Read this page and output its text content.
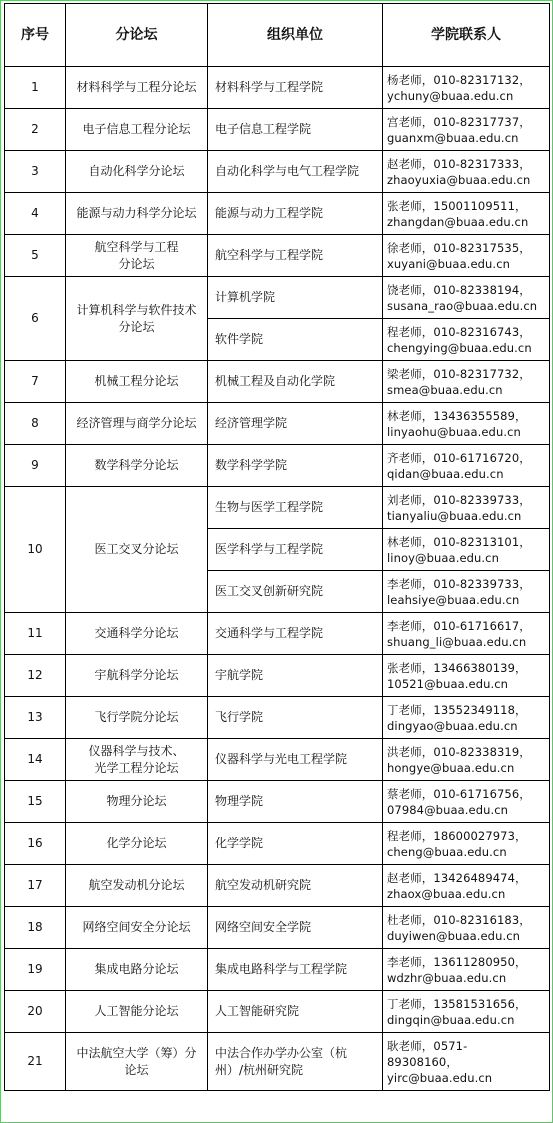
序号	分论坛	组织单位	学院联系人
1	材料科学与工程分论坛	材料科学与工程学院	杨老师，010-82317132，
ychuny@buaa.edu.cn

2	电子信息工程分论坛	电子信息工程学院	宫老师，010-82317737，
guanxm@buaa.edu.cn

3	自动化科学分论坛	自动化科学与电气工程学院	赵老师，010-82317333，
zhaoyuxia@buaa.edu.cn

4	能源与动力科学分论坛	能源与动力工程学院	张老师，15001109511，
zhangdan@buaa.edu.cn

5	航空科学与工程
分论坛	航空科学与工程学院	徐老师，010-82317535，
xuyani@buaa.edu.cn

6	计算机科学与软件技术
分论坛	计算机学院	饶老师，010-82338194，
susana_rao@buaa.edu.cn

		软件学院	程老师，010-82316743，
chengying@buaa.edu.cn

7	机械工程分论坛	机械工程及自动化学院	梁老师，010-82317732，
smea@buaa.edu.cn

8	经济管理与商学分论坛	经济管理学院	林老师，13436355589，
linyaohu@buaa.edu.cn

9	数学科学分论坛	数学科学学院	齐老师，010-61716720，
qidan@buaa.edu.cn

10	医工交叉分论坛	生物与医学工程学院	刘老师，010-82339733，
tianyaliu@buaa.edu.cn

		医学科学与工程学院	林老师，010-82313101，
linoy@buaa.edu.cn

		医工交叉创新研究院	李老师，010-82339733，
leahsiye@buaa.edu.cn

11	交通科学分论坛	交通科学与工程学院	李老师，010-61716617，
shuang_li@buaa.edu.cn

12	宇航科学分论坛	宇航学院	张老师，13466380139，
10521@buaa.edu.cn

13	飞行学院分论坛	飞行学院	丁老师，13552349118，
dingyao@buaa.edu.cn

14	仪器科学与技术、
光学工程分论坛	仪器科学与光电工程学院	洪老师，010-82338319，
hongye@buaa.edu.cn

15	物理分论坛	物理学院	蔡老师，010-61716756，
07984@buaa.edu.cn

16	化学分论坛	化学学院	程老师，18600027973，
cheng@buaa.edu.cn

17	航空发动机分论坛	航空发动机研究院	赵老师，13426489474，
zhaox@buaa.edu.cn

18	网络空间安全分论坛	网络空间安全学院	杜老师，010-82316183，
duyiwen@buaa.edu.cn

19	集成电路分论坛	集成电路科学与工程学院	李老师，13611280950，
wdzhr@buaa.edu.cn

20	人工智能分论坛	人工智能研究院	丁老师，13581531656，
dingqin@buaa.edu.cn

21	中法航空大学（筹）分
论坛	中法合作办学办公室（杭
州）/杭州研究院	耿老师，0571-
89308160，
yirc@buaa.edu.cn
